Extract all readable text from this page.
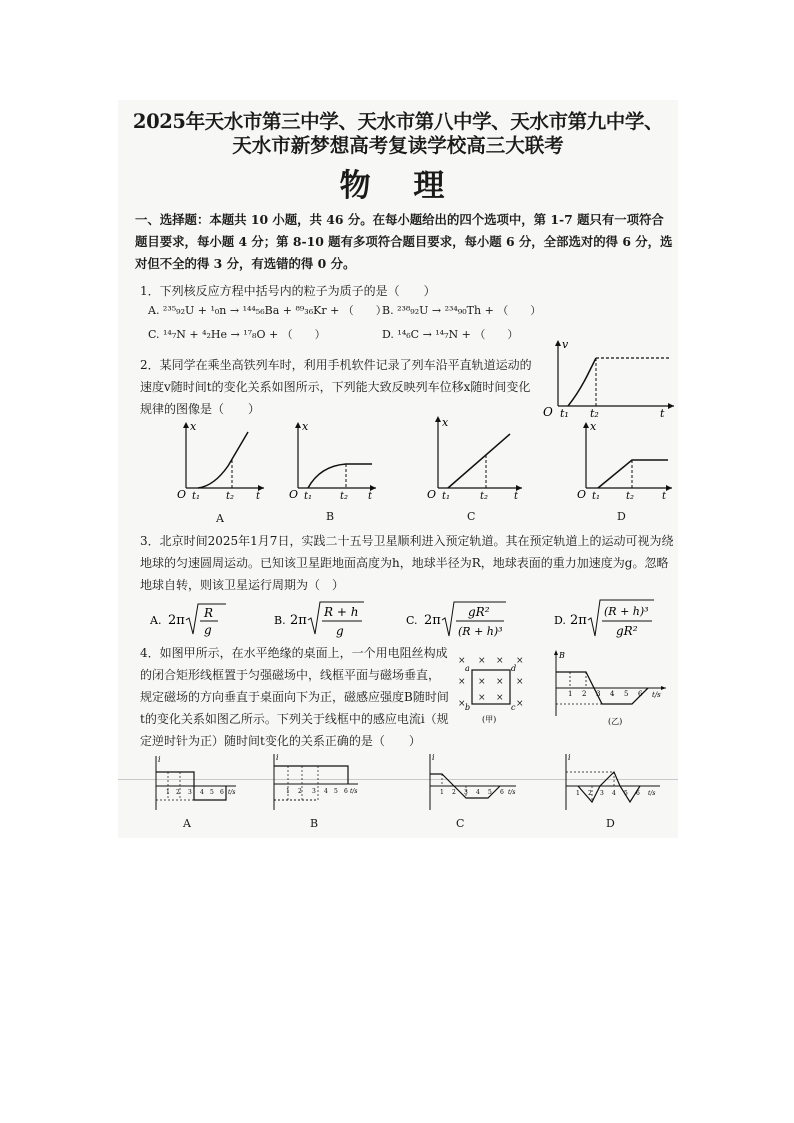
2025年天水市第三中学、天水市第八中学、天水市第九中学、
天水市新梦想高考复读学校高三大联考
物 理
一、选择题：本题共 10 小题，共 46 分。在每小题给出的四个选项中，第 1-7 题只有一项符合题目要求，每小题 4 分；第 8-10 题有多项符合题目要求，每小题 6 分，全部选对的得 6 分，选对但不全的得 3 分，有选错的得 0 分。
1．下列核反应方程中括号内的粒子为质子的是（　　）
A. ²³⁵₉₂U + ¹₀n → ¹⁴⁴₅₆Ba + ⁸⁹₃₆Kr + （　　）
B. ²³⁸₉₂U → ²³⁴₉₀Th + （　　）
C. ¹⁴₇N + ⁴₂He → ¹⁷₈O + （　　）	D. ¹⁴₆C → ¹⁴₇N + （　　）
2．某同学在乘坐高铁列车时，利用手机软件记录了列车沿平直轨道运动的速度v随时间t的变化关系如图所示，下列能大致反映列车位移x随时间变化规律的图像是（　　）
v
O t₁ t₂	t
x
O t₁	t₂ t
A
x
O t₁	t₂ t
B
x
O t₁	t₂	t
C
x
O t₁	t₂	t
D
3．北京时间2025年1月7日，实践二十五号卫星顺利进入预定轨道。其在预定轨道上的运动可视为绕地球的匀速圆周运动。已知该卫星距地面高度为h，地球半径为R，地球表面的重力加速度为g。忽略地球自转，则该卫星运行周期为（　）
A. 2π R
g
B. 2π
R + h
g
C. 2π
gR²
(R + h)³
D. 2π
(R + h)³
gR²
4．如图甲所示，在水平绝缘的桌面上，一个用电阻丝构成的闭合矩形线框置于匀强磁场中，线框平面与磁场垂直，规定磁场的方向垂直于桌面向下为正，磁感应强度B随时间t的变化关系如图乙所示。下列关于线框中的感应电流i（规定逆时针为正）随时间t变化的关系正确的是（　　）
× × × ×
×	×
×	×
× ×
× ×
a	d
b	c
(甲)
B
1 2 3 4 5 6 t/s
(乙)
i
1 2 3 4 5 6 t/s
A
i
1 2 3 4 5 6 t/s
B
i
1 2 3 4 5 6 t/s
C
i
1 2 3 4 5 6 t/s
D
